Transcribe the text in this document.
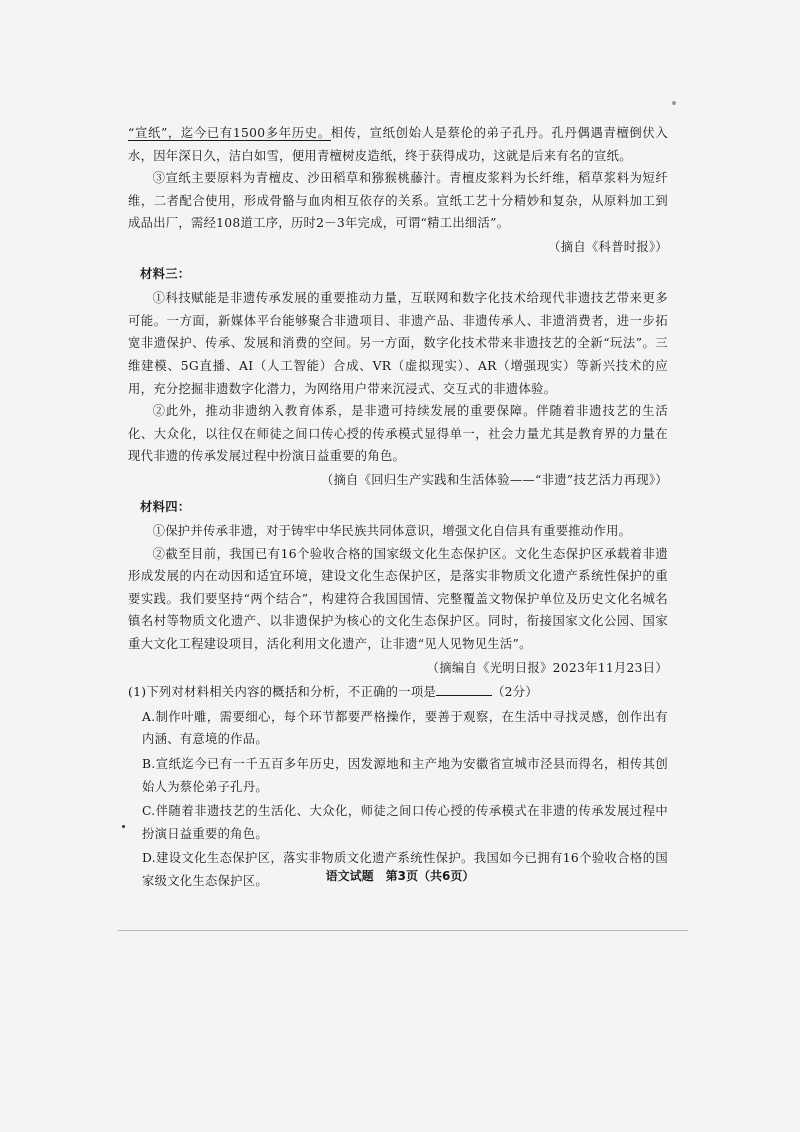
“宣纸”，迄今已有1500多年历史。相传，宣纸创始人是蔡伦的弟子孔丹。孔丹偶遇青檀倒伏入水，因年深日久，洁白如雪，便用青檀树皮造纸，终于获得成功，这就是后来有名的宣纸。

③宣纸主要原料为青檀皮、沙田稻草和猕猴桃藤汁。青檀皮浆料为长纤维，稻草浆料为短纤维，二者配合使用，形成骨骼与血肉相互依存的关系。宣纸工艺十分精妙和复杂，从原料加工到成品出厂，需经108道工序，历时2－3年完成，可谓“精工出细活”。

（摘自《科普时报》）
材料三：

①科技赋能是非遗传承发展的重要推动力量，互联网和数字化技术给现代非遗技艺带来更多可能。一方面，新媒体平台能够聚合非遗项目、非遗产品、非遗传承人、非遗消费者，进一步拓宽非遗保护、传承、发展和消费的空间。另一方面，数字化技术带来非遗技艺的全新“玩法”。三维建模、5G直播、AI（人工智能）合成、VR（虚拟现实）、AR（增强现实）等新兴技术的应用，充分挖掘非遗数字化潜力，为网络用户带来沉浸式、交互式的非遗体验。

②此外，推动非遗纳入教育体系，是非遗可持续发展的重要保障。伴随着非遗技艺的生活化、大众化，以往仅在师徒之间口传心授的传承模式显得单一，社会力量尤其是教育界的力量在现代非遗的传承发展过程中扮演日益重要的角色。

（摘自《回归生产实践和生活体验——“非遗”技艺活力再现》）
材料四：

①保护并传承非遗，对于铸牢中华民族共同体意识，增强文化自信具有重要推动作用。

②截至目前，我国已有16个验收合格的国家级文化生态保护区。文化生态保护区承载着非遗形成发展的内在动因和适宜环境，建设文化生态保护区，是落实非物质文化遗产系统性保护的重要实践。我们要坚持“两个结合”，构建符合我国国情、完整覆盖文物保护单位及历史文化名城名镇名村等物质文化遗产、以非遗保护为核心的文化生态保护区。同时，衔接国家文化公园、国家重大文化工程建设项目，活化利用文化遗产，让非遗“见人见物见生活”。

（摘编自《光明日报》2023年11月23日）

(1)下列对材料相关内容的概括和分析，不正确的一项是	（2分）

A.制作叶雕，需要细心，每个环节都要严格操作，要善于观察，在生活中寻找灵感，创作出有内涵、有意境的作品。
B.宣纸迄今已有一千五百多年历史，因发源地和主产地为安徽省宣城市泾县而得名，相传其创始人为蔡伦弟子孔丹。
C.伴随着非遗技艺的生活化、大众化，师徒之间口传心授的传承模式在非遗的传承发展过程中扮演日益重要的角色。
D.建设文化生态保护区，落实非物质文化遗产系统性保护。我国如今已拥有16个验收合格的国家级文化生态保护区。	语文试题　第3页（共6页）
